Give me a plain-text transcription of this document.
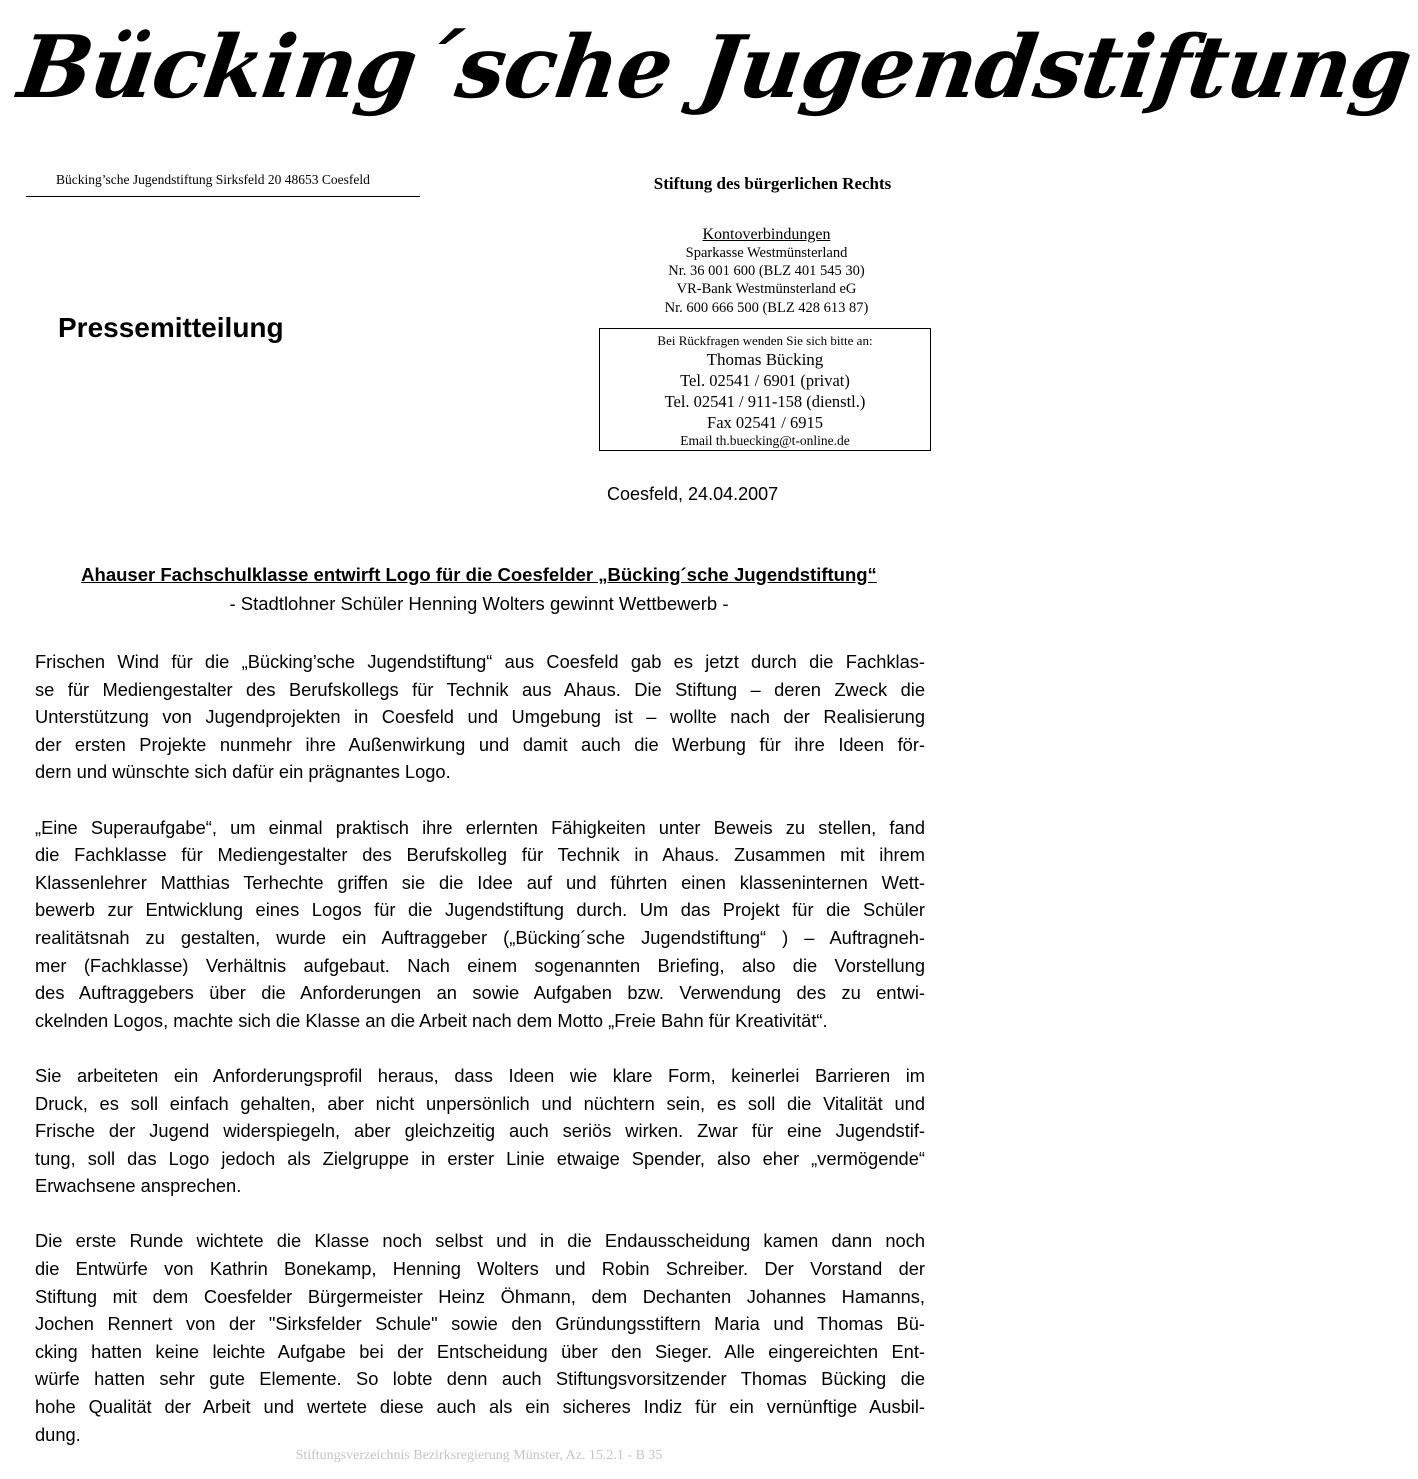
Bücking´sche Jugendstiftung
Bücking’sche Jugendstiftung Sirksfeld 20 48653 Coesfeld	Stiftung des bürgerlichen Rechts
Kontoverbindungen
Sparkasse Westmünsterland
Nr. 36 001 600 (BLZ 401 545 30)
VR-Bank Westmünsterland eG
Nr. 600 666 500 (BLZ 428 613 87)
Pressemitteilung	Bei Rückfragen wenden Sie sich bitte an:
Thomas Bücking
Tel. 02541 / 6901 (privat)
Tel. 02541 / 911-158 (dienstl.)
Fax 02541 / 6915
Email th.buecking@t-online.de
Coesfeld, 24.04.2007
Ahauser Fachschulklasse entwirft Logo für die Coesfelder „Bücking´sche Jugendstiftung“
- Stadtlohner Schüler Henning Wolters gewinnt Wettbewerb -

Frischen Wind für die „Bücking’sche Jugendstiftung“ aus Coesfeld gab es jetzt durch die Fachklas-
se für Mediengestalter des Berufskollegs für Technik aus Ahaus. Die Stiftung – deren Zweck die
Unterstützung von Jugendprojekten in Coesfeld und Umgebung ist – wollte nach der Realisierung
der ersten Projekte nunmehr ihre Außenwirkung und damit auch die Werbung für ihre Ideen för-
dern und wünschte sich dafür ein prägnantes Logo.

„Eine Superaufgabe“, um einmal praktisch ihre erlernten Fähigkeiten unter Beweis zu stellen, fand
die Fachklasse für Mediengestalter des Berufskolleg für Technik in Ahaus. Zusammen mit ihrem
Klassenlehrer Matthias Terhechte griffen sie die Idee auf und führten einen klasseninternen Wett-
bewerb zur Entwicklung eines Logos für die Jugendstiftung durch. Um das Projekt für die Schüler
realitätsnah zu gestalten, wurde ein Auftraggeber („Bücking´sche Jugendstiftung“ ) – Auftragneh-
mer (Fachklasse) Verhältnis aufgebaut. Nach einem sogenannten Briefing, also die Vorstellung
des Auftraggebers über die Anforderungen an sowie Aufgaben bzw. Verwendung des zu entwi-
ckelnden Logos, machte sich die Klasse an die Arbeit nach dem Motto „Freie Bahn für Kreativität“.

Sie arbeiteten ein Anforderungsprofil heraus, dass Ideen wie klare Form, keinerlei Barrieren im
Druck, es soll einfach gehalten, aber nicht unpersönlich und nüchtern sein, es soll die Vitalität und
Frische der Jugend widerspiegeln, aber gleichzeitig auch seriös wirken. Zwar für eine Jugendstif-
tung, soll das Logo jedoch als Zielgruppe in erster Linie etwaige Spender, also eher „vermögende“
Erwachsene ansprechen.

Die erste Runde wichtete die Klasse noch selbst und in die Endausscheidung kamen dann noch
die Entwürfe von Kathrin Bonekamp, Henning Wolters und Robin Schreiber. Der Vorstand der
Stiftung mit dem Coesfelder Bürgermeister Heinz Öhmann, dem Dechanten Johannes Hamanns,
Jochen Rennert von der "Sirksfelder Schule" sowie den Gründungsstiftern Maria und Thomas Bü-
cking hatten keine leichte Aufgabe bei der Entscheidung über den Sieger. Alle eingereichten Ent-
würfe hatten sehr gute Elemente. So lobte denn auch Stiftungsvorsitzender Thomas Bücking die
hohe Qualität der Arbeit und wertete diese auch als ein sicheres Indiz für ein vernünftige Ausbil-
dung.

Stiftungsverzeichnis Bezirksregierung Münster, Az. 15.2.1 - B 35
